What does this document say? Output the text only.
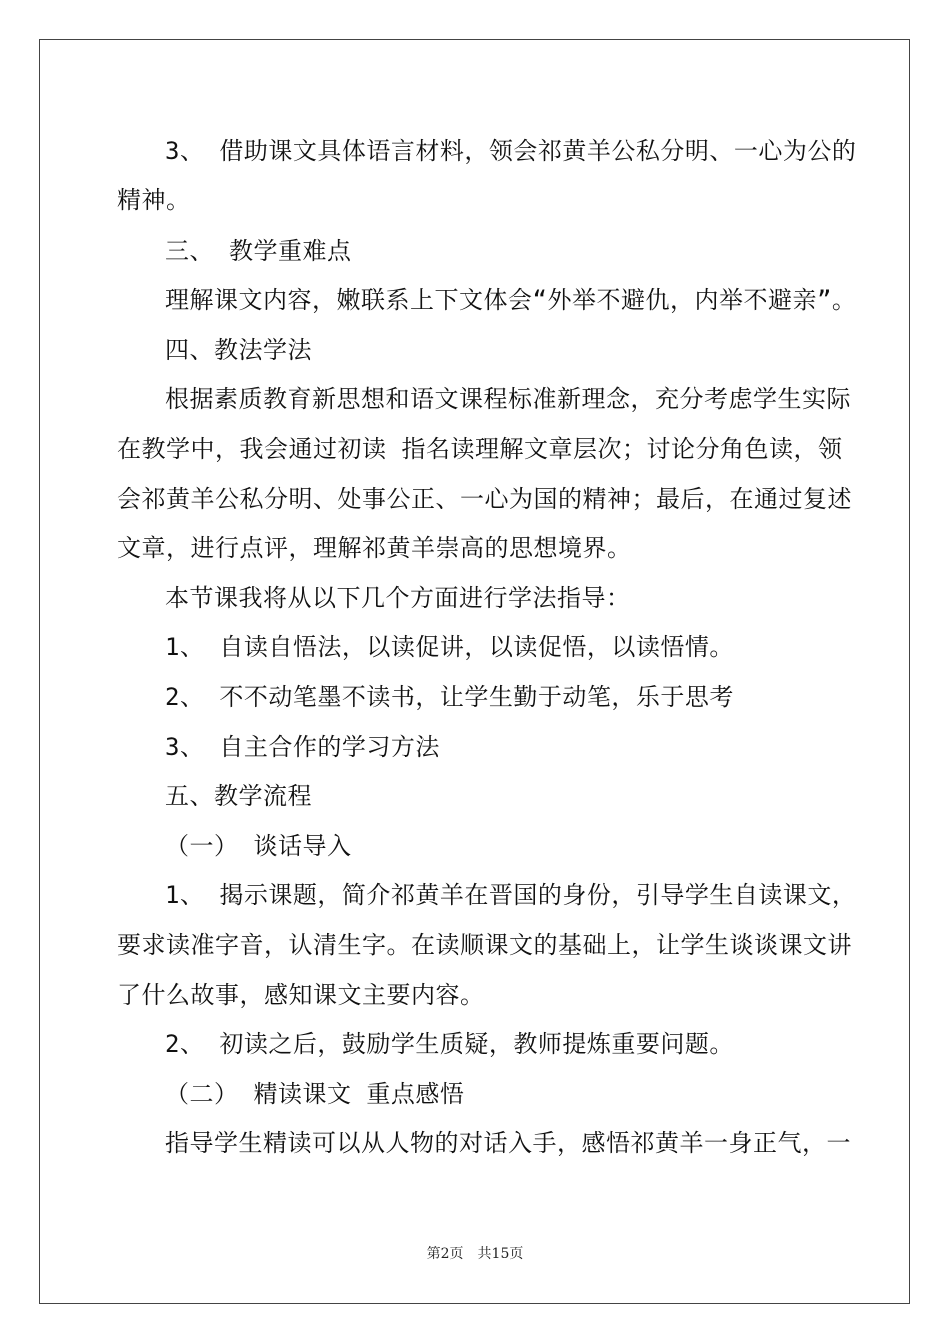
3、 借助课文具体语言材料，领会祁黄羊公私分明、一心为公的
精神。
三、 教学重难点
理解课文内容，嫩联系上下文体会“外举不避仇，内举不避亲”。
四、教法学法
根据素质教育新思想和语文课程标准新理念，充分考虑学生实际
在教学中，我会通过初读 指名读理解文章层次；讨论分角色读，领
会祁黄羊公私分明、处事公正、一心为国的精神；最后，在通过复述
文章，进行点评，理解祁黄羊崇高的思想境界。
本节课我将从以下几个方面进行学法指导：
1、 自读自悟法，以读促讲，以读促悟，以读悟情。
2、 不不动笔墨不读书，让学生勤于动笔，乐于思考
3、 自主合作的学习方法
五、教学流程
（一） 谈话导入
1、 揭示课题，简介祁黄羊在晋国的身份，引导学生自读课文，
要求读准字音，认清生字。在读顺课文的基础上，让学生谈谈课文讲
了什么故事，感知课文主要内容。
2、 初读之后，鼓励学生质疑，教师提炼重要问题。
（二） 精读课文 重点感悟
指导学生精读可以从人物的对话入手，感悟祁黄羊一身正气，一
第2页　共15页
